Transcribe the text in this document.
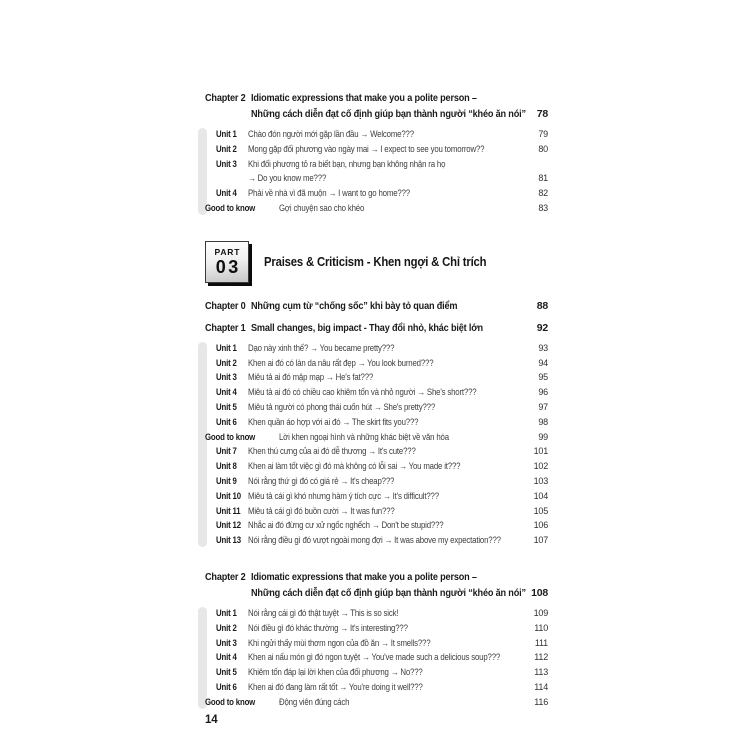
Chapter 2 Idiomatic expressions that make you a polite person –
Những cách diễn đạt cố định giúp bạn thành người “khéo ăn nói” 78
Unit 1	Chào đón người mới gặp lần đầu → Welcome???	79
Unit 2	Mong gặp đối phương vào ngày mai → I expect to see you tomorrow??	80
Unit 3	Khi đối phương tỏ ra biết bạn, nhưng bạn không nhận ra họ
→ Do you know me???	81
Unit 4	Phải về nhà vì đã muộn → I want to go home???	82
Good to know	Gợi chuyện sao cho khéo	83
PART
03 Praises & Criticism - Khen ngợi & Chỉ trích
Chapter 0 Những cụm từ “chống sốc” khi bày tỏ quan điểm	88
Chapter 1 Small changes, big impact - Thay đổi nhỏ, khác biệt lớn	92
Unit 1	Dạo này xinh thế? → You became pretty???	93
Unit 2	Khen ai đó có làn da nâu rất đẹp → You look burned???	94
Unit 3	Miêu tả ai đó mập mạp → He's fat???	95
Unit 4	Miêu tả ai đó có chiều cao khiêm tốn và nhỏ người → She's short???	96
Unit 5	Miêu tả người có phong thái cuốn hút → She's pretty???	97
Unit 6	Khen quần áo hợp với ai đó → The skirt fits you???	98
Good to know	Lời khen ngoại hình và những khác biệt về văn hóa	99
Unit 7	Khen thú cưng của ai đó dễ thương → It's cute???	101
Unit 8	Khen ai làm tốt việc gì đó mà không có lỗi sai → You made it???	102
Unit 9	Nói rằng thứ gì đó có giá rẻ → It's cheap???	103
Unit 10 Miêu tả cái gì khó nhưng hàm ý tích cực → It's difficult???	104
Unit 11 Miêu tả cái gì đó buồn cười → It was fun???	105
Unit 12 Nhắc ai đó đừng cư xử ngốc nghếch → Don't be stupid???	106
Unit 13 Nói rằng điều gì đó vượt ngoài mong đợi → It was above my expectation???	107
Chapter 2 Idiomatic expressions that make you a polite person –
Những cách diễn đạt cố định giúp bạn thành người “khéo ăn nói” 108
Unit 1	Nói rằng cái gì đó thật tuyệt → This is so sick!	109
Unit 2	Nói điều gì đó khác thường → It's interesting???	110
Unit 3	Khi ngửi thấy mùi thơm ngon của đồ ăn → It smells???	111
Unit 4	Khen ai nấu món gì đó ngon tuyệt → You've made such a delicious soup???	112
Unit 5	Khiêm tốn đáp lại lời khen của đối phương → No???	113
Unit 6	Khen ai đó đang làm rất tốt → You're doing it well???	114
Good to know	Động viên đúng cách	116
14
